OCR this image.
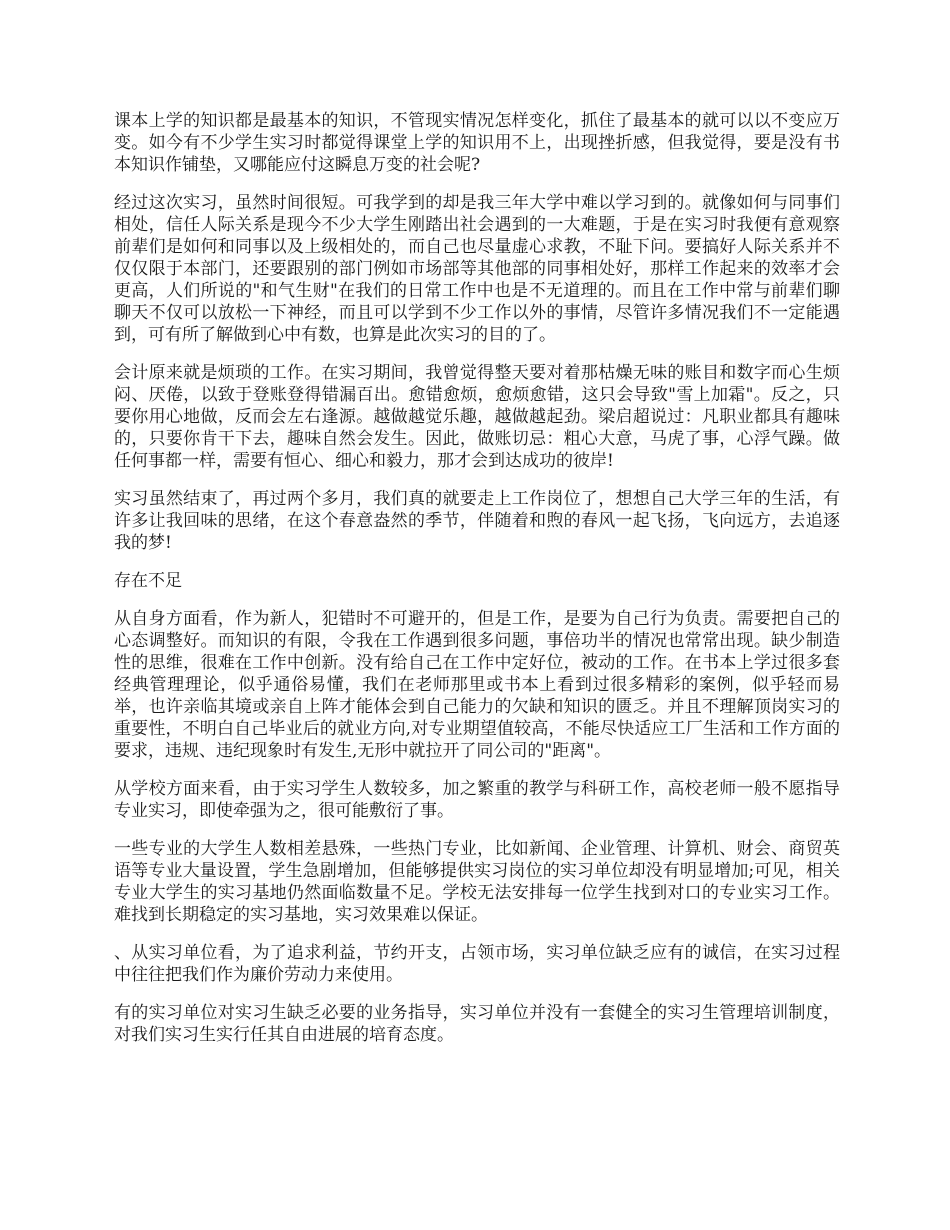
课本上学的知识都是最基本的知识，不管现实情况怎样变化，抓住了最基本的就可以以不变应万变。如今有不少学生实习时都觉得课堂上学的知识用不上，出现挫折感，但我觉得，要是没有书本知识作铺垫，又哪能应付这瞬息万变的社会呢?

经过这次实习，虽然时间很短。可我学到的却是我三年大学中难以学习到的。就像如何与同事们相处，信任人际关系是现今不少大学生刚踏出社会遇到的一大难题，于是在实习时我便有意观察前辈们是如何和同事以及上级相处的，而自己也尽量虚心求教，不耻下问。要搞好人际关系并不仅仅限于本部门，还要跟别的部门例如市场部等其他部的同事相处好，那样工作起来的效率才会更高，人们所说的"和气生财"在我们的日常工作中也是不无道理的。而且在工作中常与前辈们聊聊天不仅可以放松一下神经，而且可以学到不少工作以外的事情，尽管许多情况我们不一定能遇到，可有所了解做到心中有数，也算是此次实习的目的了。

会计原来就是烦琐的工作。在实习期间，我曾觉得整天要对着那枯燥无味的账目和数字而心生烦闷、厌倦，以致于登账登得错漏百出。愈错愈烦，愈烦愈错，这只会导致"雪上加霜"。反之，只要你用心地做，反而会左右逢源。越做越觉乐趣，越做越起劲。梁启超说过：凡职业都具有趣味的，只要你肯干下去，趣味自然会发生。因此，做账切忌：粗心大意，马虎了事，心浮气躁。做任何事都一样，需要有恒心、细心和毅力，那才会到达成功的彼岸!

实习虽然结束了，再过两个多月，我们真的就要走上工作岗位了，想想自己大学三年的生活，有许多让我回味的思绪，在这个春意盎然的季节，伴随着和煦的春风一起飞扬，飞向远方，去追逐我的梦!

存在不足

从自身方面看，作为新人，犯错时不可避开的，但是工作，是要为自己行为负责。需要把自己的心态调整好。而知识的有限，令我在工作遇到很多问题，事倍功半的情况也常常出现。缺少制造性的思维，很难在工作中创新。没有给自己在工作中定好位，被动的工作。在书本上学过很多套经典管理理论，似乎通俗易懂，我们在老师那里或书本上看到过很多精彩的案例，似乎轻而易举，也许亲临其境或亲自上阵才能体会到自己能力的欠缺和知识的匮乏。并且不理解顶岗实习的重要性，不明白自己毕业后的就业方向,对专业期望值较高，不能尽快适应工厂生活和工作方面的要求，违规、违纪现象时有发生,无形中就拉开了同公司的"距离"。

从学校方面来看，由于实习学生人数较多，加之繁重的教学与科研工作，高校老师一般不愿指导专业实习，即使牵强为之，很可能敷衍了事。

一些专业的大学生人数相差悬殊，一些热门专业，比如新闻、企业管理、计算机、财会、商贸英语等专业大量设置，学生急剧增加，但能够提供实习岗位的实习单位却没有明显增加;可见，相关专业大学生的实习基地仍然面临数量不足。学校无法安排每一位学生找到对口的专业实习工作。难找到长期稳定的实习基地，实习效果难以保证。

、从实习单位看，为了追求利益，节约开支，占领市场，实习单位缺乏应有的诚信，在实习过程中往往把我们作为廉价劳动力来使用。

有的实习单位对实习生缺乏必要的业务指导，实习单位并没有一套健全的实习生管理培训制度，对我们实习生实行任其自由进展的培育态度。
